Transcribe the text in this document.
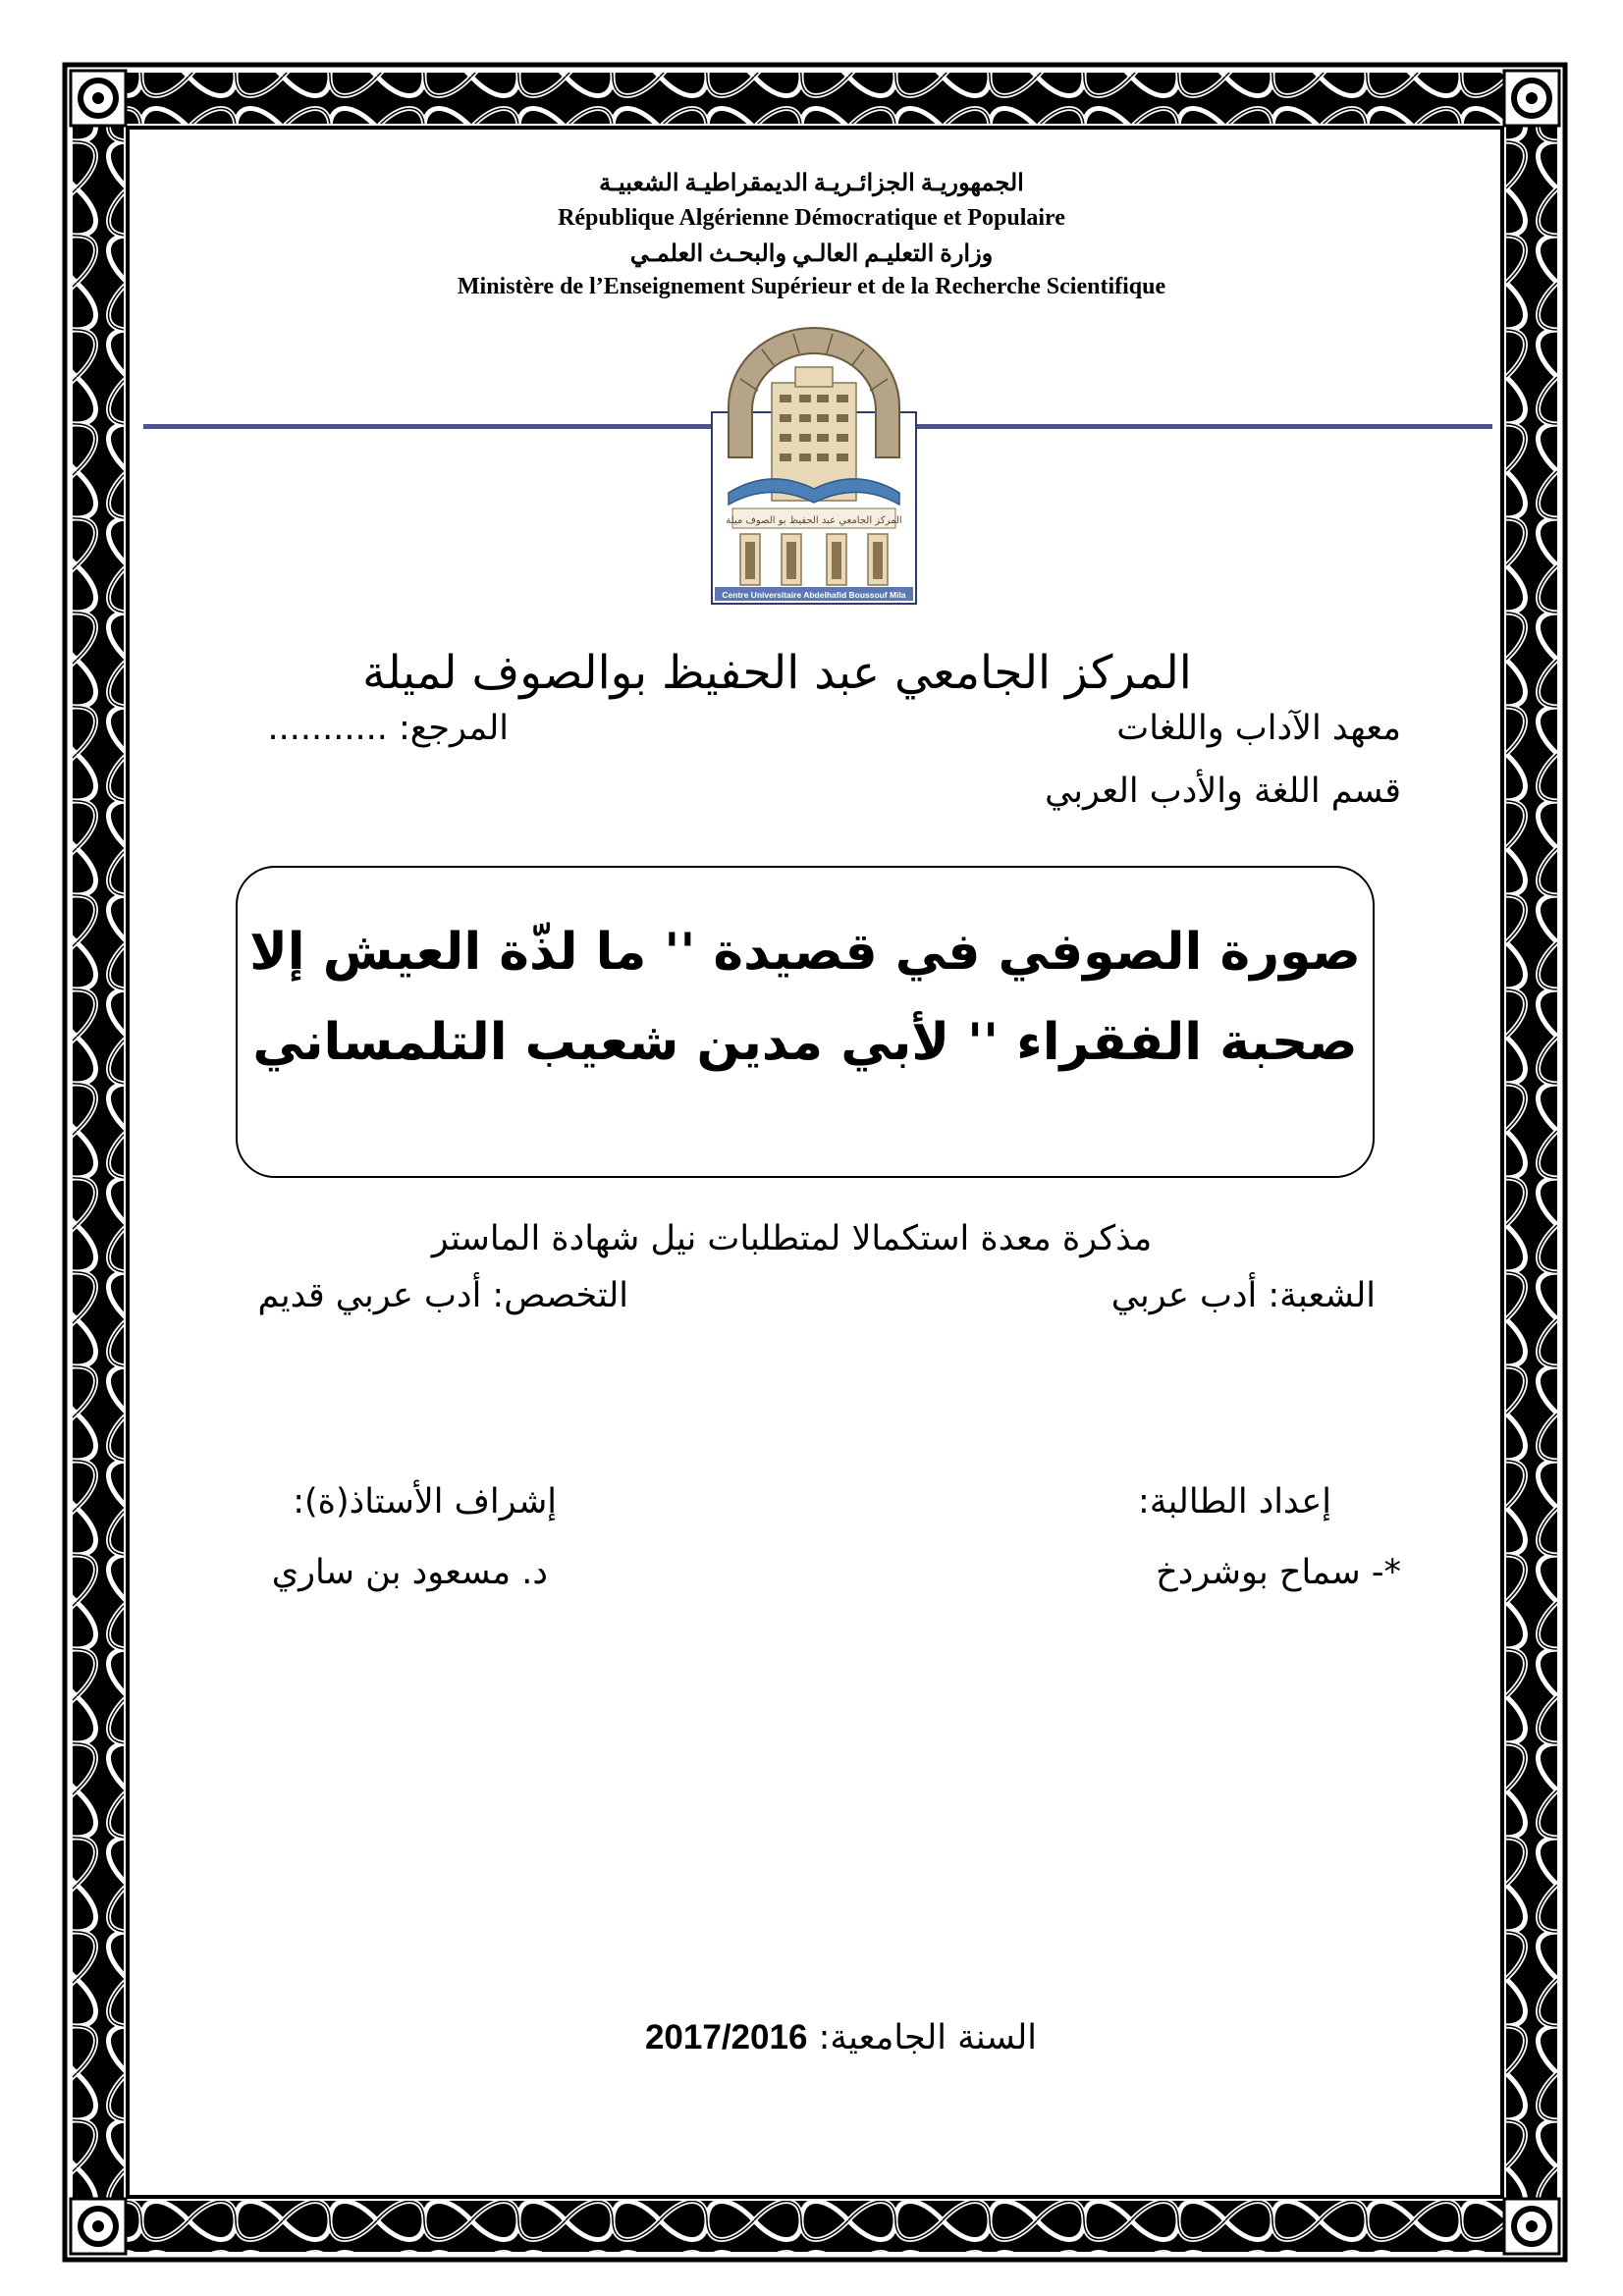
الجمهوريـة الجزائـريـة الديمقراطيـة الشعبيـة
République Algérienne Démocratique et Populaire
وزارة التعليـم العالـي والبحـث العلمـي
Ministère de l’Enseignement Supérieur et de la Recherche Scientifique
المركز الجامعي عبد الحفيظ بو الصوف ميلة
Centre Universitaire Abdelhafid Boussouf Mila
المركز الجامعي عبد الحفيظ بوالصوف لميلة
معهد الآداب واللغات
المرجع: ...........
قسم اللغة والأدب العربي
صورة الصوفي في قصيدة '' ما لذّة العيش إلا
صحبة الفقراء '' لأبي مدين شعيب التلمساني
مذكرة معدة استكمالا لمتطلبات نيل شهادة الماستر
الشعبة: أدب عربي
التخصص: أدب عربي قديم
إعداد الطالبة:
إشراف الأستاذ(ة):
*- سماح بوشردخ
د. مسعود بن ساري
السنة الجامعية: 2017/2016
